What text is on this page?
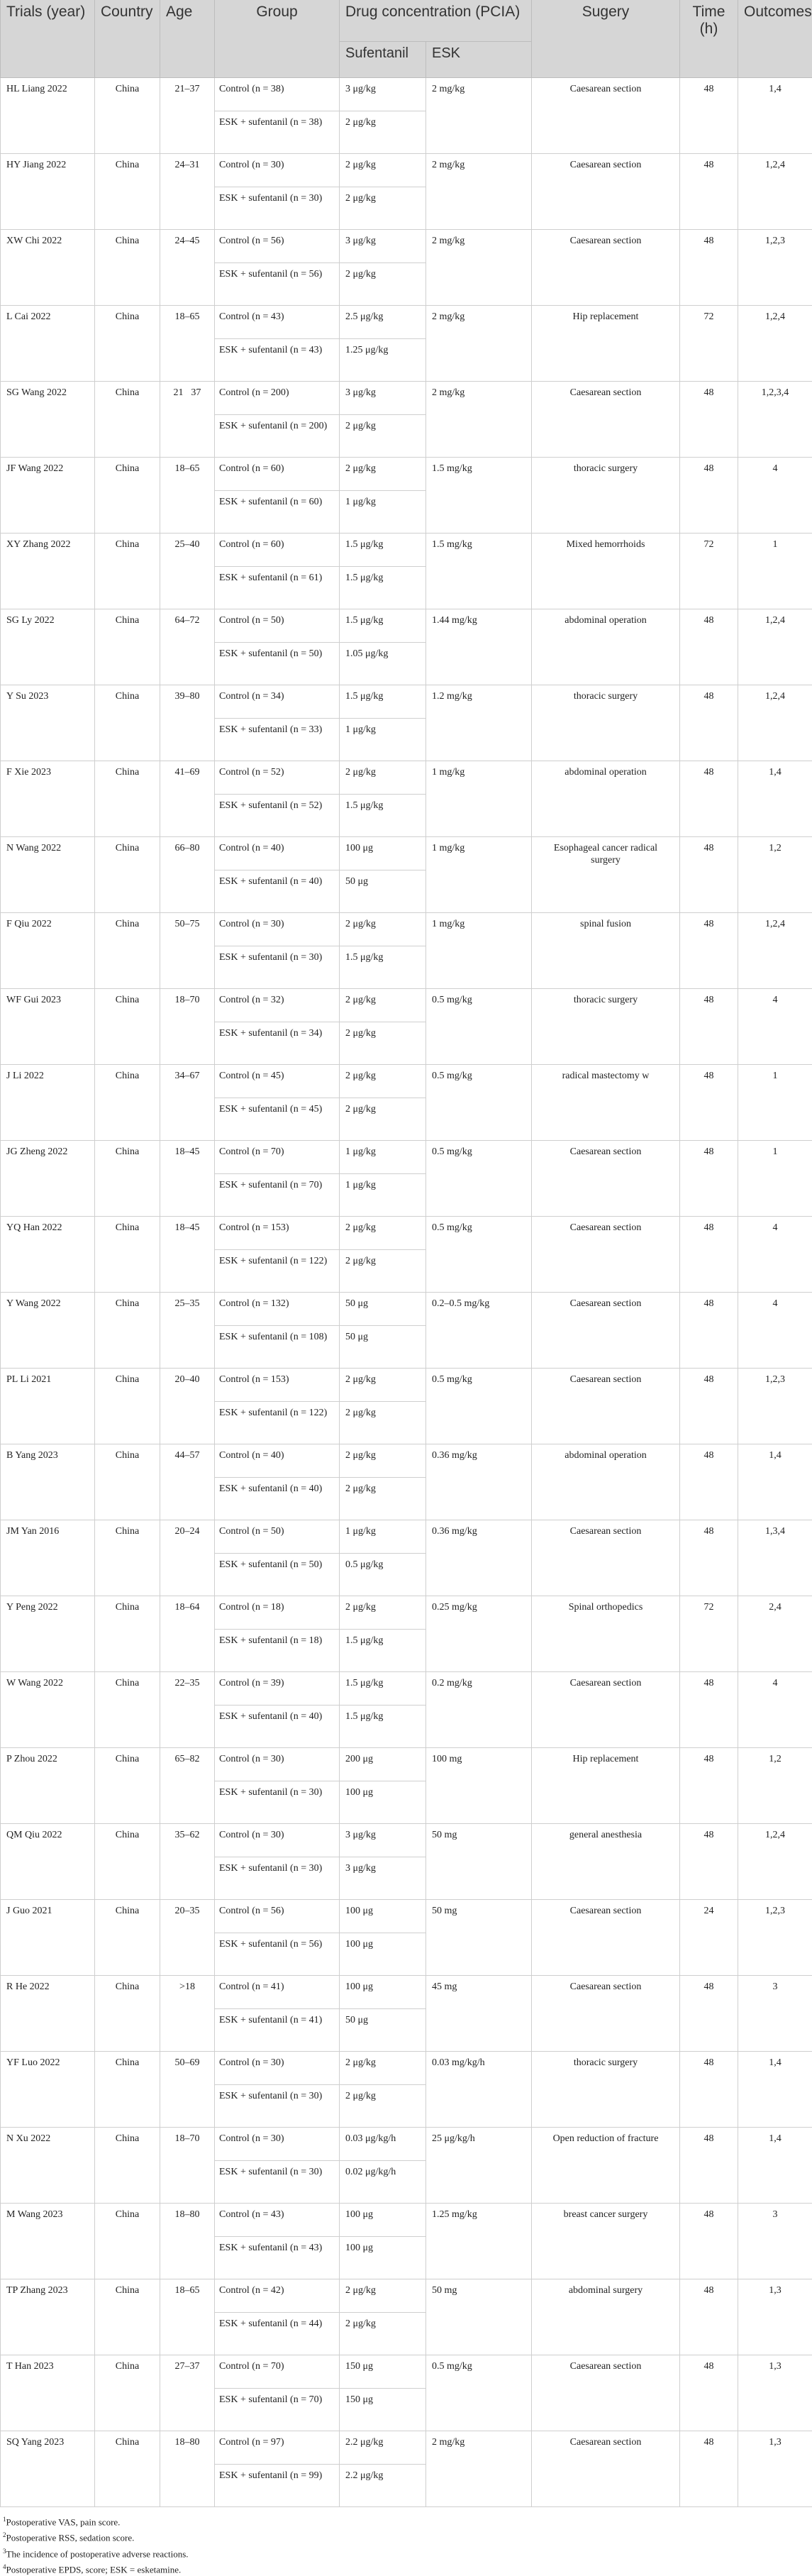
Trials (year)	Country	Age	Group	Drug concentration (PCIA)		Sugery	Time (h)	Outcomes
				Sufentanil	ESK			
HL Liang 2022	China	21–37	Control (n = 38)	3 μg/kg	2 mg/kg	Caesarean section	48	1,4
			ESK + sufentanil (n = 38)	2 μg/kg				
HY Jiang 2022	China	24–31	Control (n = 30)	2 μg/kg	2 mg/kg	Caesarean section	48	1,2,4
			ESK + sufentanil (n = 30)	2 μg/kg				
XW Chi 2022	China	24–45	Control (n = 56)	3 μg/kg	2 mg/kg	Caesarean section	48	1,2,3
			ESK + sufentanil (n = 56)	2 μg/kg				
L Cai 2022	China	18–65	Control (n = 43)	2.5 μg/kg	2 mg/kg	Hip replacement	72	1,2,4
			ESK + sufentanil (n = 43)	1.25 μg/kg				
SG Wang 2022	China	21􀀀37	Control (n = 200)	3 μg/kg	2 mg/kg	Caesarean section	48	1,2,3,4
			ESK + sufentanil (n = 200)	2 μg/kg				
JF Wang 2022	China	18–65	Control (n = 60)	2 μg/kg	1.5 mg/kg	thoracic surgery	48	4
			ESK + sufentanil (n = 60)	1 μg/kg				
XY Zhang 2022	China	25–40	Control (n = 60)	1.5 μg/kg	1.5 mg/kg	Mixed hemorrhoids	72	1
			ESK + sufentanil (n = 61)	1.5 μg/kg				
SG Ly 2022	China	64–72	Control (n = 50)	1.5 μg/kg	1.44 mg/kg	abdominal operation	48	1,2,4
			ESK + sufentanil (n = 50)	1.05 μg/kg				
Y Su 2023	China	39–80	Control (n = 34)	1.5 μg/kg	1.2 mg/kg	thoracic surgery	48	1,2,4
			ESK + sufentanil (n = 33)	1 μg/kg				
F Xie 2023	China	41–69	Control (n = 52)	2 μg/kg	1 mg/kg	abdominal operation	48	1,4
			ESK + sufentanil (n = 52)	1.5 μg/kg				
N Wang 2022	China	66–80	Control (n = 40)	100 μg	1 mg/kg	Esophageal cancer radical surgery	48	1,2
			ESK + sufentanil (n = 40)	50 μg				
F Qiu 2022	China	50–75	Control (n = 30)	2 μg/kg	1 mg/kg	spinal fusion	48	1,2,4
			ESK + sufentanil (n = 30)	1.5 μg/kg				
WF Gui 2023	China	18–70	Control (n = 32)	2 μg/kg	0.5 mg/kg	thoracic surgery	48	4
			ESK + sufentanil (n = 34)	2 μg/kg				
J Li 2022	China	34–67	Control (n = 45)	2 μg/kg	0.5 mg/kg	radical mastectomy w	48	1
			ESK + sufentanil (n = 45)	2 μg/kg				
JG Zheng 2022	China	18–45	Control (n = 70)	1 μg/kg	0.5 mg/kg	Caesarean section	48	1
			ESK + sufentanil (n = 70)	1 μg/kg				
YQ Han 2022	China	18–45	Control (n = 153)	2 μg/kg	0.5 mg/kg	Caesarean section	48	4
			ESK + sufentanil (n = 122)	2 μg/kg				
Y Wang 2022	China	25–35	Control (n = 132)	50 μg	0.2–0.5 mg/kg	Caesarean section	48	4
			ESK + sufentanil (n = 108)	50 μg				
PL Li 2021	China	20–40	Control (n = 153)	2 μg/kg	0.5 mg/kg	Caesarean section	48	1,2,3
			ESK + sufentanil (n = 122)	2 μg/kg				
B Yang 2023	China	44–57	Control (n = 40)	2 μg/kg	0.36 mg/kg	abdominal operation	48	1,4
			ESK + sufentanil (n = 40)	2 μg/kg				
JM Yan 2016	China	20–24	Control (n = 50)	1 μg/kg	0.36 mg/kg	Caesarean section	48	1,3,4
			ESK + sufentanil (n = 50)	0.5 μg/kg				
Y Peng 2022	China	18–64	Control (n = 18)	2 μg/kg	0.25 mg/kg	Spinal orthopedics	72	2,4
			ESK + sufentanil (n = 18)	1.5 μg/kg				
W Wang 2022	China	22–35	Control (n = 39)	1.5 μg/kg	0.2 mg/kg	Caesarean section	48	4
			ESK + sufentanil (n = 40)	1.5 μg/kg				
P Zhou 2022	China	65–82	Control (n = 30)	200 μg	100 mg	Hip replacement	48	1,2
			ESK + sufentanil (n = 30)	100 μg				
QM Qiu 2022	China	35–62	Control (n = 30)	3 μg/kg	50 mg	general anesthesia	48	1,2,4
			ESK + sufentanil (n = 30)	3 μg/kg				
J Guo 2021	China	20–35	Control (n = 56)	100 μg	50 mg	Caesarean section	24	1,2,3
			ESK + sufentanil (n = 56)	100 μg				
R He 2022	China	>18	Control (n = 41)	100 μg	45 mg	Caesarean section	48	3
			ESK + sufentanil (n = 41)	50 μg				
YF Luo 2022	China	50–69	Control (n = 30)	2 μg/kg	0.03 mg/kg/h	thoracic surgery	48	1,4
			ESK + sufentanil (n = 30)	2 μg/kg				
N Xu 2022	China	18–70	Control (n = 30)	0.03 μg/kg/h	25 μg/kg/h	Open reduction of fracture	48	1,4
			ESK + sufentanil (n = 30)	0.02 μg/kg/h				
M Wang 2023	China	18–80	Control (n = 43)	100 μg	1.25 mg/kg	breast cancer surgery	48	3
			ESK + sufentanil (n = 43)	100 μg				
TP Zhang 2023	China	18–65	Control (n = 42)	2 μg/kg	50 mg	abdominal surgery	48	1,3
			ESK + sufentanil (n = 44)	2 μg/kg				
T Han 2023	China	27–37	Control (n = 70)	150 μg	0.5 mg/kg	Caesarean section	48	1,3
			ESK + sufentanil (n = 70)	150 μg				
SQ Yang 2023	China	18–80	Control (n = 97)	2.2 μg/kg	2 mg/kg	Caesarean section	48	1,3
			ESK + sufentanil (n = 99)	2.2 μg/kg				
$^1$Postoperative VAS, pain score.
$^2$Postoperative RSS, sedation score.
$^3$The incidence of postoperative adverse reactions.
$^4$Postoperative EPDS, score; ESK = esketamine.
